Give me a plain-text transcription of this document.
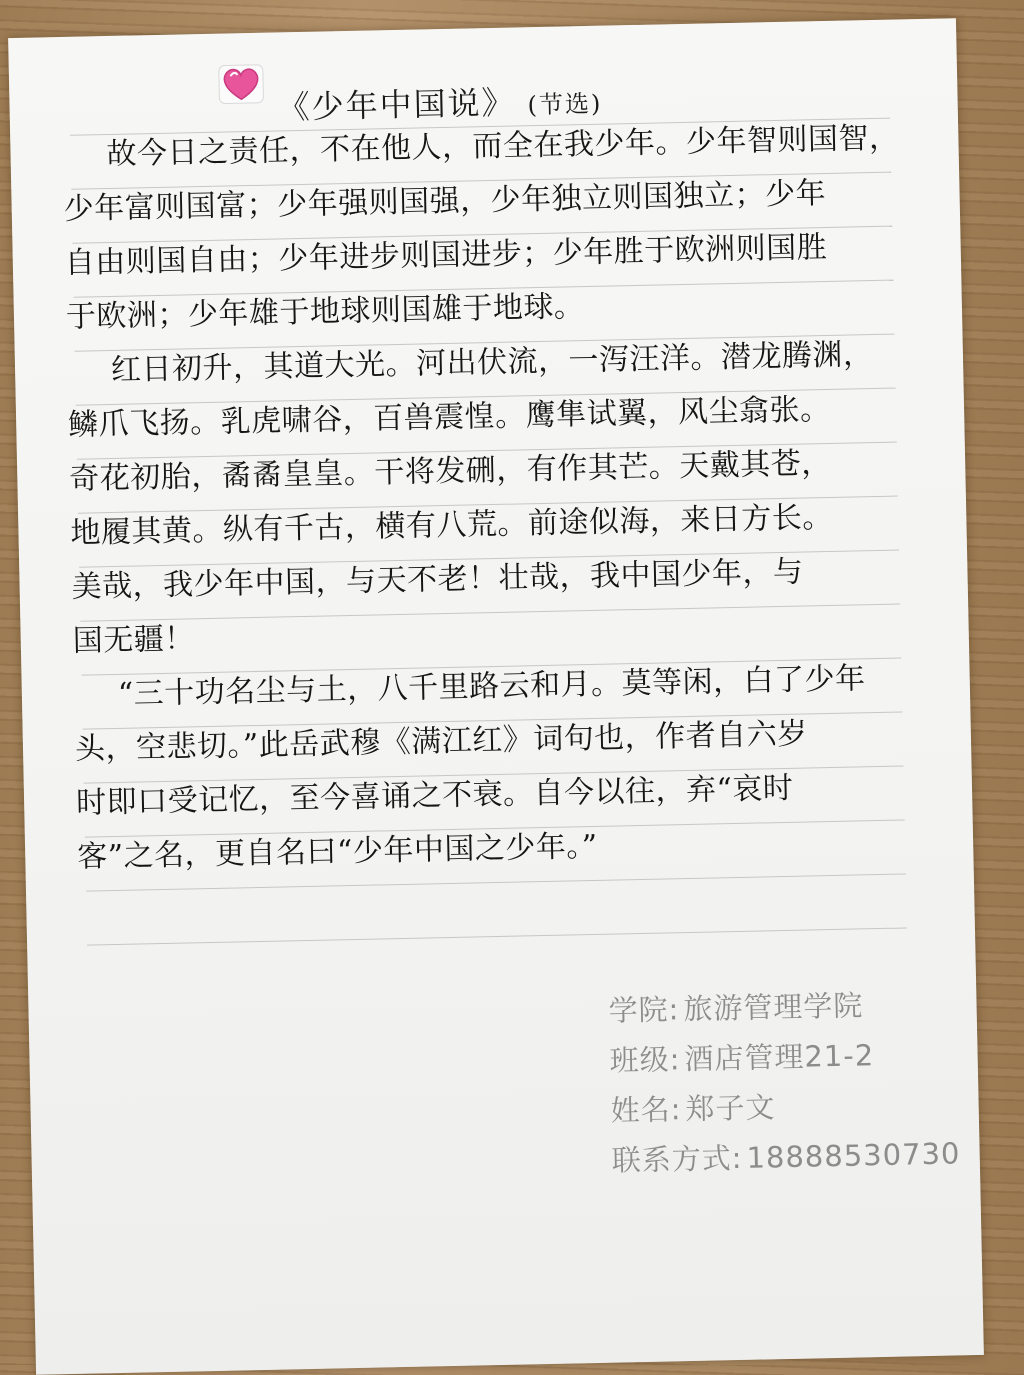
《少年中国说》 (节选)
故今日之责任，不在他人，而全在我少年。少年智则国智，
少年富则国富；少年强则国强，少年独立则国独立；少年
自由则国自由；少年进步则国进步；少年胜于欧洲则国胜
于欧洲；少年雄于地球则国雄于地球。
红日初升，其道大光。河出伏流，一泻汪洋。潜龙腾渊，
鳞爪飞扬。乳虎啸谷，百兽震惶。鹰隼试翼，风尘翕张。
奇花初胎，矞矞皇皇。干将发硎，有作其芒。天戴其苍，
地履其黄。纵有千古，横有八荒。前途似海，来日方长。
美哉，我少年中国，与天不老！壮哉，我中国少年，与
国无疆！
“三十功名尘与土，八千里路云和月。莫等闲，白了少年
头，空悲切。”此岳武穆《满江红》词句也，作者自六岁
时即口受记忆，至今喜诵之不衰。自今以往，弃“哀时
客”之名，更自名曰“少年中国之少年。”
学院: 旅游管理学院
班级: 酒店管理21-2
姓名: 郑子文
联系方式: 18888530730
